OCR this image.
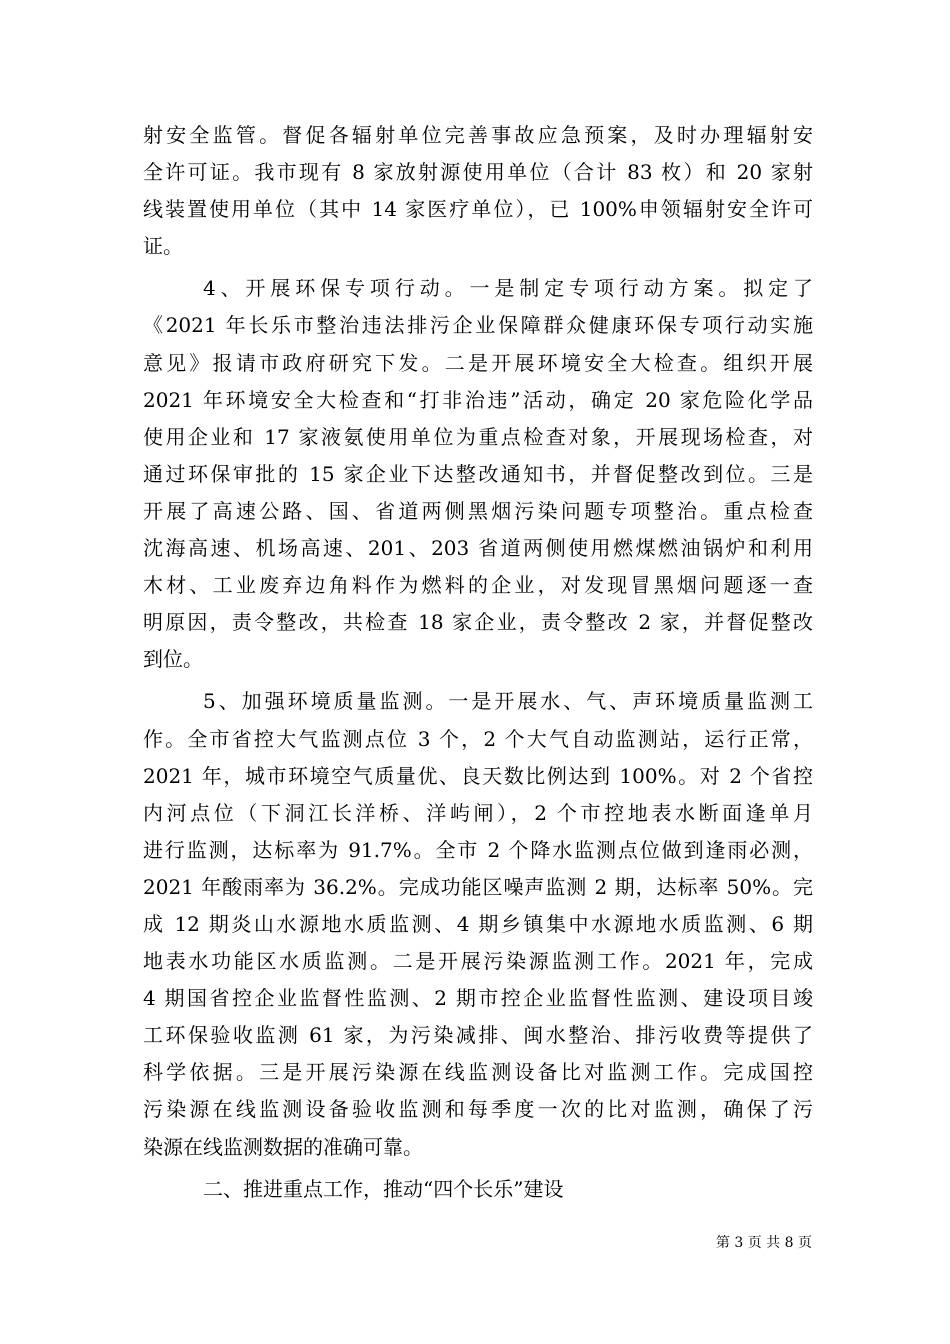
射安全监管。督促各辐射单位完善事故应急预案，及时办理辐射安
全许可证。我市现有 8 家放射源使用单位（合计 83 枚）和 20 家射
线装置使用单位（其中 14 家医疗单位），已 100%申领辐射安全许可
证。
4、开展环保专项行动。一是制定专项行动方案。拟定了
《2021 年长乐市整治违法排污企业保障群众健康环保专项行动实施
意见》报请市政府研究下发。二是开展环境安全大检查。组织开展
2021 年环境安全大检查和“打非治违”活动，确定 20 家危险化学品
使用企业和 17 家液氨使用单位为重点检查对象，开展现场检查，对
通过环保审批的 15 家企业下达整改通知书，并督促整改到位。三是
开展了高速公路、国、省道两侧黑烟污染问题专项整治。重点检查
沈海高速、机场高速、201、203 省道两侧使用燃煤燃油锅炉和利用
木材、工业废弃边角料作为燃料的企业，对发现冒黑烟问题逐一查
明原因，责令整改，共检查 18 家企业，责令整改 2 家，并督促整改
到位。
5、加强环境质量监测。一是开展水、气、声环境质量监测工
作。全市省控大气监测点位 3 个，2 个大气自动监测站，运行正常，
2021 年，城市环境空气质量优、良天数比例达到 100%。对 2 个省控
内河点位（下洞江长洋桥、洋屿闸），2 个市控地表水断面逢单月
进行监测，达标率为 91.7%。全市 2 个降水监测点位做到逢雨必测，
2021 年酸雨率为 36.2%。完成功能区噪声监测 2 期，达标率 50%。完
成 12 期炎山水源地水质监测、4 期乡镇集中水源地水质监测、6 期
地表水功能区水质监测。二是开展污染源监测工作。2021 年，完成
4 期国省控企业监督性监测、2 期市控企业监督性监测、建设项目竣
工环保验收监测 61 家，为污染减排、闽水整治、排污收费等提供了
科学依据。三是开展污染源在线监测设备比对监测工作。完成国控
污染源在线监测设备验收监测和每季度一次的比对监测，确保了污
染源在线监测数据的准确可靠。
二、推进重点工作，推动“四个长乐”建设
第 3 页 共 8 页
